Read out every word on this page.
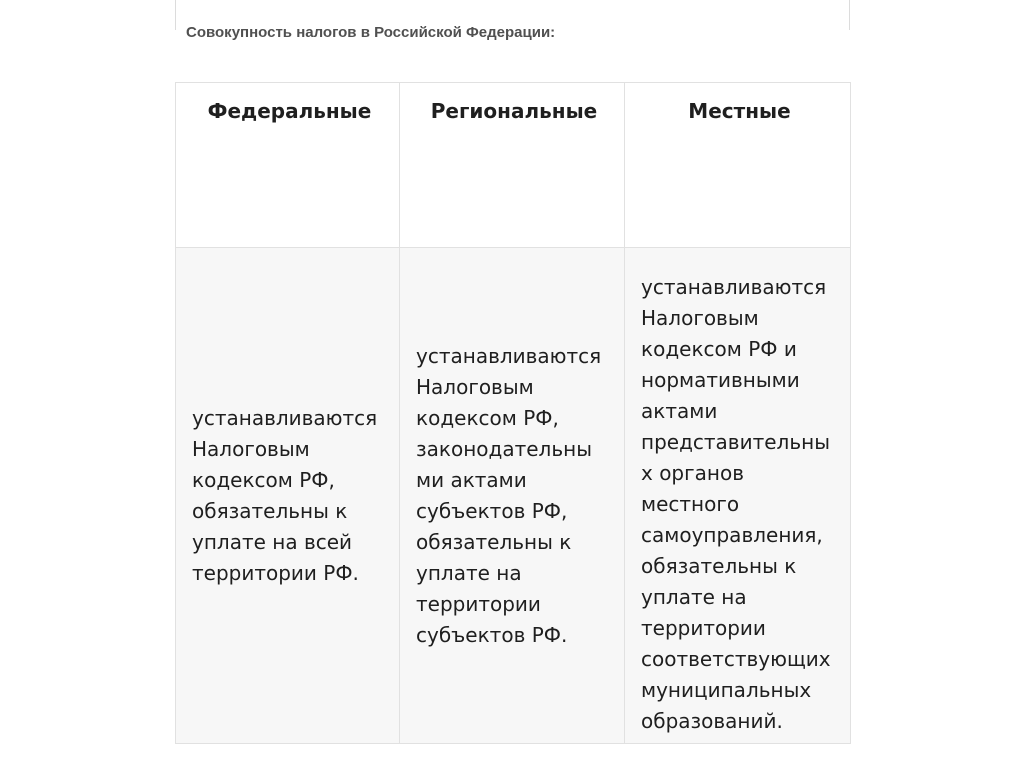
Совокупность налогов в Российской Федерации:
Федеральные	Региональные	Местные
устанавливаются Налоговым кодексом РФ, обязательны к уплате на всей территории РФ.	устанавливаются Налоговым кодексом РФ, законодательны ми актами субъектов РФ, обязательны к уплате на территории субъектов РФ.	устанавливаются Налоговым кодексом РФ и нормативными актами представительны х органов местного самоуправления, обязательны к уплате на территории соответствующих муниципальных образований.
